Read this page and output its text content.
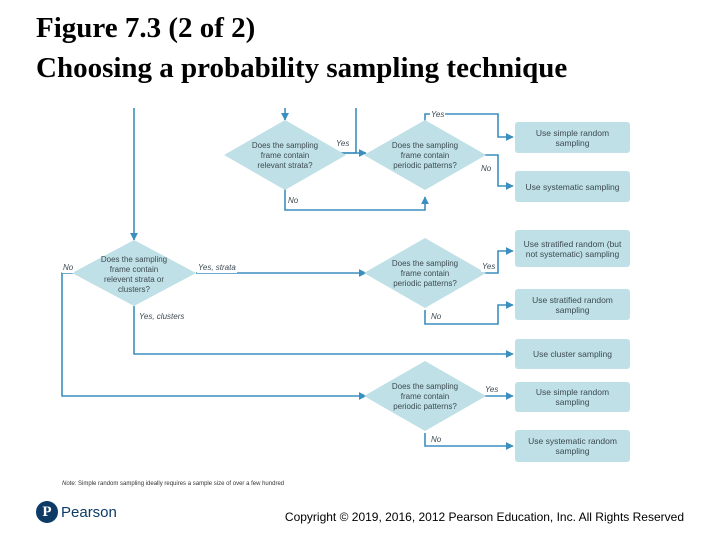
Figure 7.3 (2 of 2)
Choosing a probability sampling technique
Does the sampling frame contain relevant strata?
Does the sampling frame contain periodic patterns?
Does the sampling frame contain relevent strata or clusters?
Does the sampling frame contain periodic patterns?
Does the sampling frame contain periodic patterns?
Use simple random sampling
Use systematic sampling
Use stratified random (but not systematic) sampling
Use stratified random sampling
Use cluster sampling
Use simple random sampling
Use systematic random sampling
Yes
Yes
No
No
No	Yes, strata
Yes, clusters
Yes
No
Yes
No
Note: Simple random sampling ideally requires a sample size of over a few hundred
P Pearson	Copyright © 2019, 2016, 2012 Pearson Education, Inc. All Rights Reserved
